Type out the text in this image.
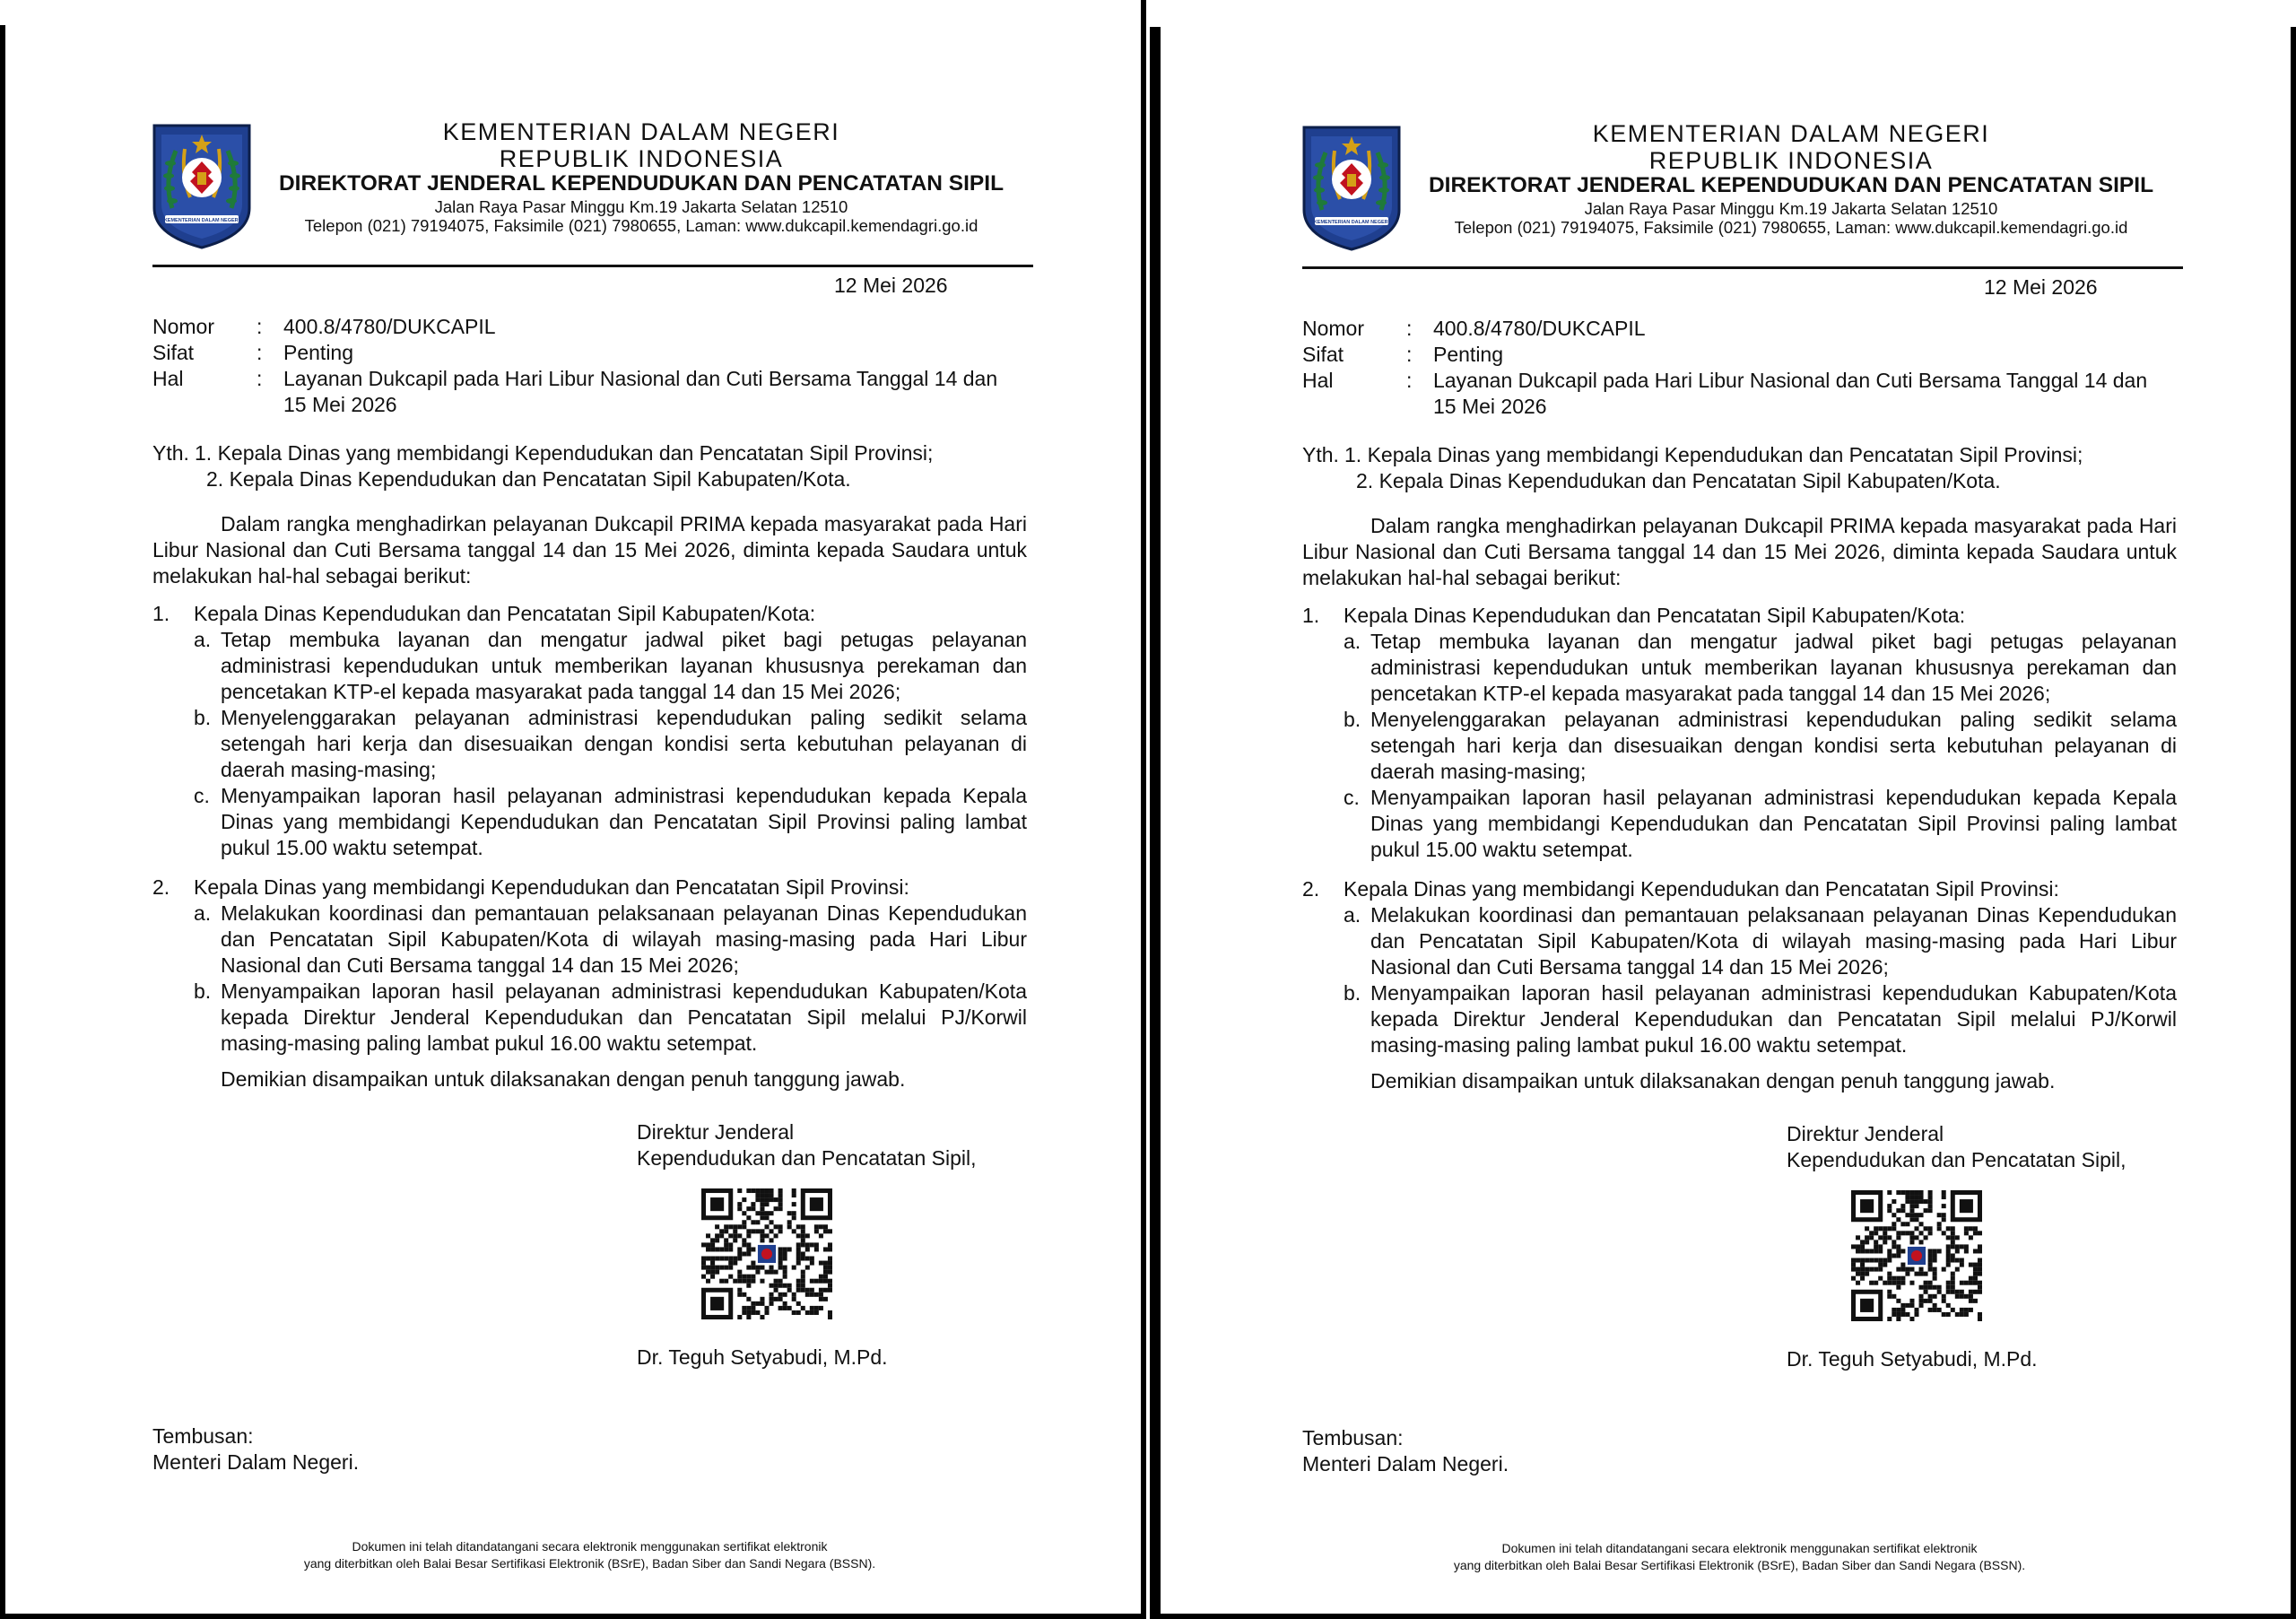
KEMENTERIAN DALAM NEGERI
KEMENTERIAN DALAM NEGERI
REPUBLIK INDONESIA
DIREKTORAT JENDERAL KEPENDUDUKAN DAN PENCATATAN SIPIL
Jalan Raya Pasar Minggu Km.19 Jakarta Selatan 12510
Telepon (021) 79194075, Faksimile (021) 7980655, Laman: www.dukcapil.kemendagri.go.id
12 Mei 2026
Nomor	:	400.8/4780/DUKCAPIL
Sifat	:	Penting
Hal	:	Layanan Dukcapil pada Hari Libur Nasional dan Cuti Bersama Tanggal 14 dan 15 Mei 2026
Yth. 1. Kepala Dinas yang membidangi Kependudukan dan Pencatatan Sipil Provinsi;
2. Kepala Dinas Kependudukan dan Pencatatan Sipil Kabupaten/Kota.
Dalam rangka menghadirkan pelayanan Dukcapil PRIMA kepada masyarakat pada Hari Libur Nasional dan Cuti Bersama tanggal 14 dan 15 Mei 2026, diminta kepada Saudara untuk melakukan hal-hal sebagai berikut:
1.	Kepala Dinas Kependudukan dan Pencatatan Sipil Kabupaten/Kota:
a. Tetap membuka layanan dan mengatur jadwal piket bagi petugas pelayanan administrasi kependudukan untuk memberikan layanan khususnya perekaman dan pencetakan KTP-el kepada masyarakat pada tanggal 14 dan 15 Mei 2026;
b. Menyelenggarakan pelayanan administrasi kependudukan paling sedikit selama setengah hari kerja dan disesuaikan dengan kondisi serta kebutuhan pelayanan di daerah masing-masing;
c. Menyampaikan laporan hasil pelayanan administrasi kependudukan kepada Kepala Dinas yang membidangi Kependudukan dan Pencatatan Sipil Provinsi paling lambat pukul 15.00 waktu setempat.
2.	Kepala Dinas yang membidangi Kependudukan dan Pencatatan Sipil Provinsi:
a. Melakukan koordinasi dan pemantauan pelaksanaan pelayanan Dinas Kependudukan dan Pencatatan Sipil Kabupaten/Kota di wilayah masing-masing pada Hari Libur Nasional dan Cuti Bersama tanggal 14 dan 15 Mei 2026;
b. Menyampaikan laporan hasil pelayanan administrasi kependudukan Kabupaten/Kota kepada Direktur Jenderal Kependudukan dan Pencatatan Sipil melalui PJ/Korwil masing-masing paling lambat pukul 16.00 waktu setempat.
Demikian disampaikan untuk dilaksanakan dengan penuh tanggung jawab.
Direktur Jenderal
Kependudukan dan Pencatatan Sipil,
Dr. Teguh Setyabudi, M.Pd.
Tembusan:
Menteri Dalam Negeri.
Dokumen ini telah ditandatangani secara elektronik menggunakan sertifikat elektronik
yang diterbitkan oleh Balai Besar Sertifikasi Elektronik (BSrE), Badan Siber dan Sandi Negara (BSSN).
KEMENTERIAN DALAM NEGERI
KEMENTERIAN DALAM NEGERI
REPUBLIK INDONESIA
DIREKTORAT JENDERAL KEPENDUDUKAN DAN PENCATATAN SIPIL
Jalan Raya Pasar Minggu Km.19 Jakarta Selatan 12510
Telepon (021) 79194075, Faksimile (021) 7980655, Laman: www.dukcapil.kemendagri.go.id
12 Mei 2026
Nomor	:	400.8/4780/DUKCAPIL
Sifat	:	Penting
Hal	:	Layanan Dukcapil pada Hari Libur Nasional dan Cuti Bersama Tanggal 14 dan 15 Mei 2026
Yth. 1. Kepala Dinas yang membidangi Kependudukan dan Pencatatan Sipil Provinsi;
2. Kepala Dinas Kependudukan dan Pencatatan Sipil Kabupaten/Kota.
Dalam rangka menghadirkan pelayanan Dukcapil PRIMA kepada masyarakat pada Hari Libur Nasional dan Cuti Bersama tanggal 14 dan 15 Mei 2026, diminta kepada Saudara untuk melakukan hal-hal sebagai berikut:
1.	Kepala Dinas Kependudukan dan Pencatatan Sipil Kabupaten/Kota:
a. Tetap membuka layanan dan mengatur jadwal piket bagi petugas pelayanan administrasi kependudukan untuk memberikan layanan khususnya perekaman dan pencetakan KTP-el kepada masyarakat pada tanggal 14 dan 15 Mei 2026;
b. Menyelenggarakan pelayanan administrasi kependudukan paling sedikit selama setengah hari kerja dan disesuaikan dengan kondisi serta kebutuhan pelayanan di daerah masing-masing;
c. Menyampaikan laporan hasil pelayanan administrasi kependudukan kepada Kepala Dinas yang membidangi Kependudukan dan Pencatatan Sipil Provinsi paling lambat pukul 15.00 waktu setempat.
2.	Kepala Dinas yang membidangi Kependudukan dan Pencatatan Sipil Provinsi:
a. Melakukan koordinasi dan pemantauan pelaksanaan pelayanan Dinas Kependudukan dan Pencatatan Sipil Kabupaten/Kota di wilayah masing-masing pada Hari Libur Nasional dan Cuti Bersama tanggal 14 dan 15 Mei 2026;
b. Menyampaikan laporan hasil pelayanan administrasi kependudukan Kabupaten/Kota kepada Direktur Jenderal Kependudukan dan Pencatatan Sipil melalui PJ/Korwil masing-masing paling lambat pukul 16.00 waktu setempat.
Demikian disampaikan untuk dilaksanakan dengan penuh tanggung jawab.
Direktur Jenderal
Kependudukan dan Pencatatan Sipil,
Dr. Teguh Setyabudi, M.Pd.
Tembusan:
Menteri Dalam Negeri.
Dokumen ini telah ditandatangani secara elektronik menggunakan sertifikat elektronik
yang diterbitkan oleh Balai Besar Sertifikasi Elektronik (BSrE), Badan Siber dan Sandi Negara (BSSN).
